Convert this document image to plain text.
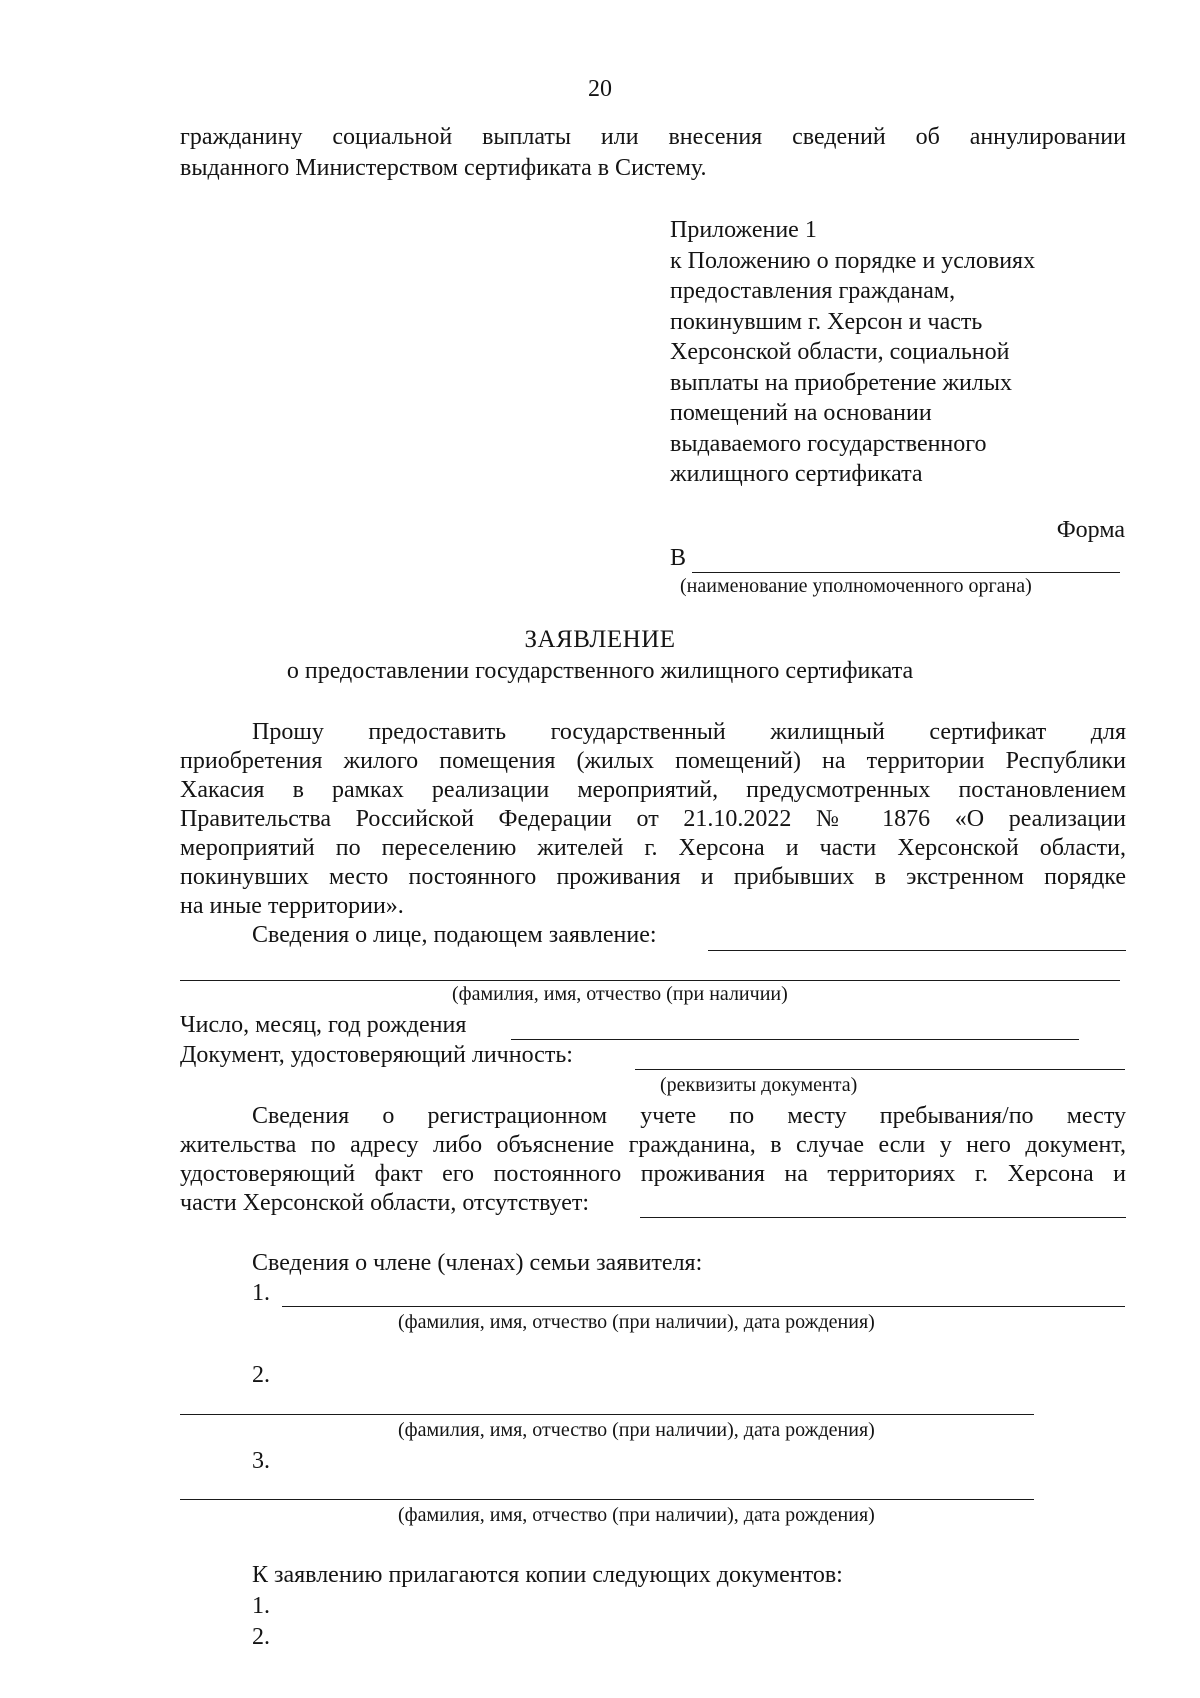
20
гражданину социальной выплаты или внесения сведений об аннулировании
выданного Министерством сертификата в Систему.
Приложение 1
к Положению о порядке и условиях
предоставления гражданам,
покинувшим г. Херсон и часть
Херсонской области, социальной
выплаты на приобретение жилых
помещений на основании
выдаваемого государственного
жилищного сертификата
Форма
В
(наименование уполномоченного органа)
ЗАЯВЛЕНИЕ
о предоставлении государственного жилищного сертификата
Прошу предоставить государственный жилищный сертификат для
приобретения жилого помещения (жилых помещений) на территории Республики
Хакасия в рамках реализации мероприятий, предусмотренных постановлением
Правительства Российской Федерации от 21.10.2022 № 1876 «О реализации
мероприятий по переселению жителей г. Херсона и части Херсонской области,
покинувших место постоянного проживания и прибывших в экстренном порядке
на иные территории».
Сведения о лице, подающем заявление:
(фамилия, имя, отчество (при наличии)
Число, месяц, год рождения
Документ, удостоверяющий личность:
(реквизиты документа)
Сведения о регистрационном учете по месту пребывания/по месту
жительства по адресу либо объяснение гражданина, в случае если у него документ,
удостоверяющий факт его постоянного проживания на территориях г. Херсона и
части Херсонской области, отсутствует:
Сведения о члене (членах) семьи заявителя:
1.
(фамилия, имя, отчество (при наличии), дата рождения)
2.
(фамилия, имя, отчество (при наличии), дата рождения)
3.
(фамилия, имя, отчество (при наличии), дата рождения)
К заявлению прилагаются копии следующих документов:
1.
2.
